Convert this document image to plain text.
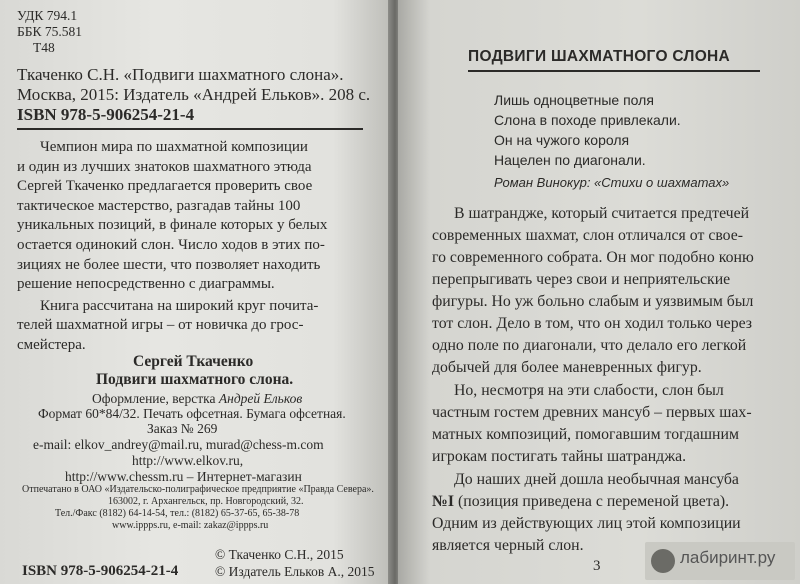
УДК 794.1
ББК 75.581
Т48
Ткаченко С.Н. «Подвиги шахматного слона».
Москва, 2015: Издатель «Андрей Ельков». 208 с.
ISBN 978-5-906254-21-4
Чемпион мира по шахматной композиции
и один из лучших знатоков шахматного этюда
Сергей Ткаченко предлагается проверить свое
тактическое мастерство, разгадав тайны 100
уникальных позиций, в финале которых у белых
остается одинокий слон. Число ходов в этих по-
зициях не более шести, что позволяет находить
решение непосредственно с диаграммы.
Книга рассчитана на широкий круг почита-
телей шахматной игры – от новичка до грос-
смейстера.
Сергей Ткаченко
Подвиги шахматного слона.
Оформление, верстка Андрей Ельков
Формат 60*84/32. Печать офсетная. Бумага офсетная.
Заказ № 269
e-mail: elkov_andrey@mail.ru, murad@chess-m.com
http://www.elkov.ru,
http://www.chessm.ru – Интернет-магазин
Отпечатано в ОАО «Издательско-полиграфическое предприятие «Правда Севера».
163002, г. Архангельск, пр. Новгородский, 32.
Тел./Факс (8182) 64-14-54, тел.: (8182) 65-37-65, 65-38-78
www.ippps.ru, e-mail: zakaz@ippps.ru
ПОДВИГИ ШАХМАТНОГО СЛОНА
Лишь одноцветные поля
Слона в походе привлекали.
Он на чужого короля
Нацелен по диагонали.
Роман Винокур: «Стихи о шахматах»
В шатрандже, который считается предтечей
современных шахмат, слон отличался от свое-
го современного собрата. Он мог подобно коню
перепрыгивать через свои и неприятельские
фигуры. Но уж больно слабым и уязвимым был
тот слон. Дело в том, что он ходил только через
одно поле по диагонали, что делало его легкой
добычей для более маневренных фигур.
Но, несмотря на эти слабости, слон был
частным гостем древних мансуб – первых шах-
матных композиций, помогавшим тогдашним
игрокам постигать тайны шатранджа.
До наших дней дошла необычная мансуба
№I (позиция приведена с переменой цвета).
Одним из действующих лиц этой композиции
является черный слон.
3	лабиринт.ру
ISBN 978-5-906254-21-4
© Ткаченко С.Н., 2015
© Издатель Ельков А., 2015
